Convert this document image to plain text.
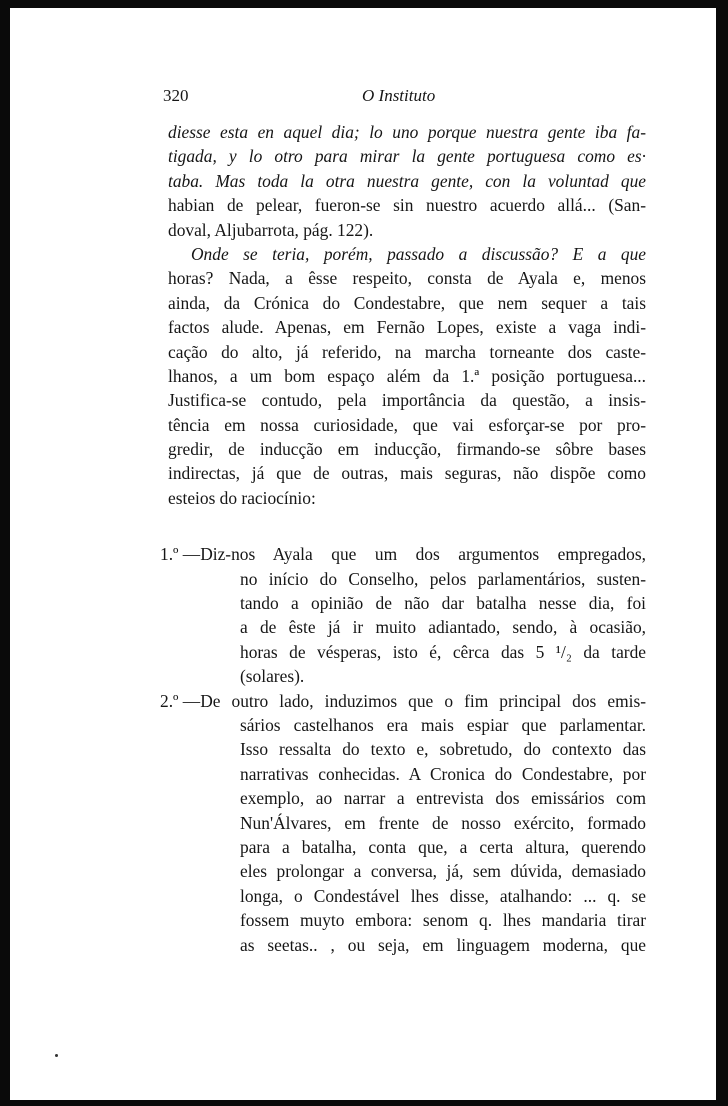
320	O Instituto
diesse esta en aquel dia; lo uno porque nuestra gente iba fa-
tigada, y lo otro para mirar la gente portuguesa como es·
taba. Mas toda la otra nuestra gente, con la voluntad que
habian de pelear, fueron-se sin nuestro acuerdo allá... (San-
doval, Aljubarrota, pág. 122).
Onde se teria, porém, passado a discussão? E a que
horas? Nada, a êsse respeito, consta de Ayala e, menos
ainda, da Crónica do Condestabre, que nem sequer a tais
factos alude. Apenas, em Fernão Lopes, existe a vaga indi-
cação do alto, já referido, na marcha torneante dos caste-
lhanos, a um bom espaço além da 1.ª posição portuguesa...
Justifica-se contudo, pela importância da questão, a insis-
tência em nossa curiosidade, que vai esforçar-se por pro-
gredir, de inducção em inducção, firmando-se sôbre bases
indirectas, já que de outras, mais seguras, não dispõe como
esteios do raciocínio:
1.º —Diz-nos Ayala que um dos argumentos empregados,
no início do Conselho, pelos parlamentários, susten-
tando a opinião de não dar batalha nesse dia, foi
a de êste já ir muito adiantado, sendo, à ocasião,
horas de vésperas, isto é, cêrca das 5 ¹/₂ da tarde
(solares).
2.º —De outro lado, induzimos que o fim principal dos emis-
sários castelhanos era mais espiar que parlamentar.
Isso ressalta do texto e, sobretudo, do contexto das
narrativas conhecidas. A Cronica do Condestabre, por
exemplo, ao narrar a entrevista dos emissários com
Nun'Álvares, em frente de nosso exército, formado
para a batalha, conta que, a certa altura, querendo
eles prolongar a conversa, já, sem dúvida, demasiado
longa, o Condestável lhes disse, atalhando: ... q. se
fossem muyto embora: senom q. lhes mandaria tirar
as seetas.. , ou seja, em linguagem moderna, que
